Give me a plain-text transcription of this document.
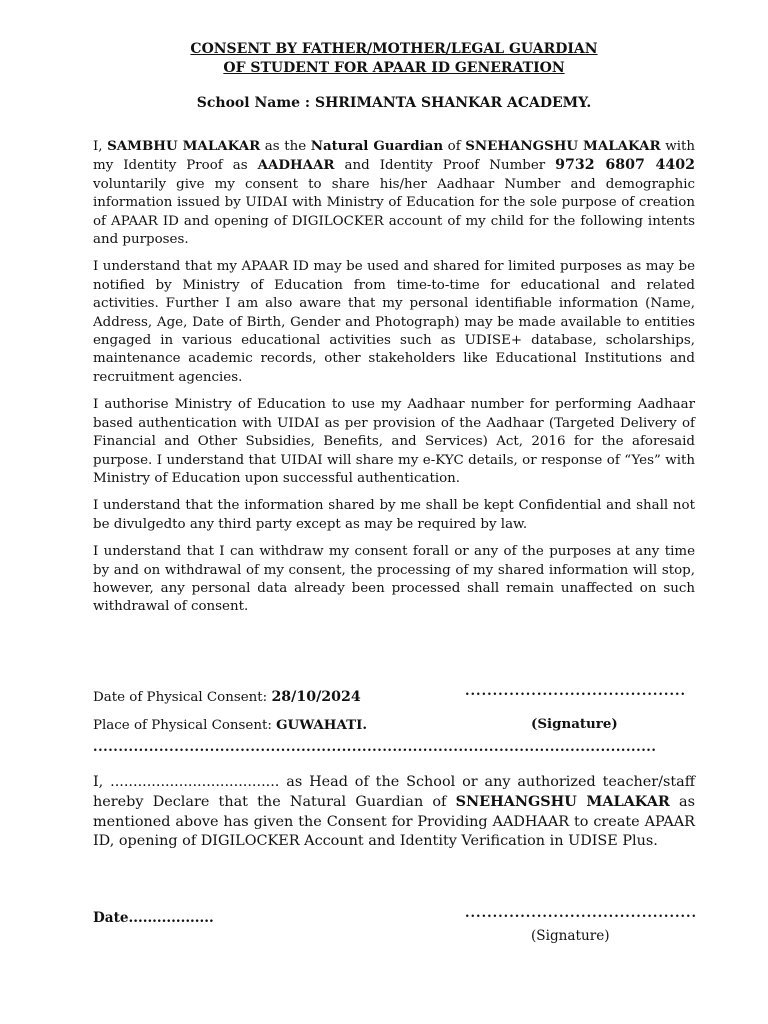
CONSENT BY FATHER/MOTHER/LEGAL GUARDIAN
OF STUDENT FOR APAAR ID GENERATION
School Name : SHRIMANTA SHANKAR ACADEMY.

I, SAMBHU MALAKAR as the Natural Guardian of SNEHANGSHU MALAKAR with my Identity Proof as AADHAAR and Identity Proof Number 9732 6807 4402 voluntarily give my consent to share his/her Aadhaar Number and demographic information issued by UIDAI with Ministry of Education for the sole purpose of creation of APAAR ID and opening of DIGILOCKER account of my child for the following intents and purposes.

I understand that my APAAR ID may be used and shared for limited purposes as may be notified by Ministry of Education from time-to-time for educational and related activities. Further I am also aware that my personal identifiable information (Name, Address, Age, Date of Birth, Gender and Photograph) may be made available to entities engaged in various educational activities such as UDISE+ database, scholarships, maintenance academic records, other stakeholders like Educational Institutions and recruitment agencies.

I authorise Ministry of Education to use my Aadhaar number for performing Aadhaar based authentication with UIDAI as per provision of the Aadhaar (Targeted Delivery of Financial and Other Subsidies, Benefits, and Services) Act, 2016 for the aforesaid purpose. I understand that UIDAI will share my e-KYC details, or response of “Yes” with Ministry of Education upon successful authentication.

I understand that the information shared by me shall be kept Confidential and shall not be divulgedto any third party except as may be required by law.

I understand that I can withdraw my consent forall or any of the purposes at any time by and on withdrawal of my consent, the processing of my shared information will stop, however, any personal data already been processed shall remain unaffected on such withdrawal of consent.

Date of Physical Consent: 28/10/2024	........................................
Place of Physical Consent: GUWAHATI.	(Signature)
...............................................................................................................

I, ..................................... as Head of the School or any authorized teacher/staff hereby Declare that the Natural Guardian of SNEHANGSHU MALAKAR as mentioned above has given the Consent for Providing AADHAAR to create APAAR ID, opening of DIGILOCKER Account and Identity Verification in UDISE Plus.

Date..................	..........................................
(Signature)
